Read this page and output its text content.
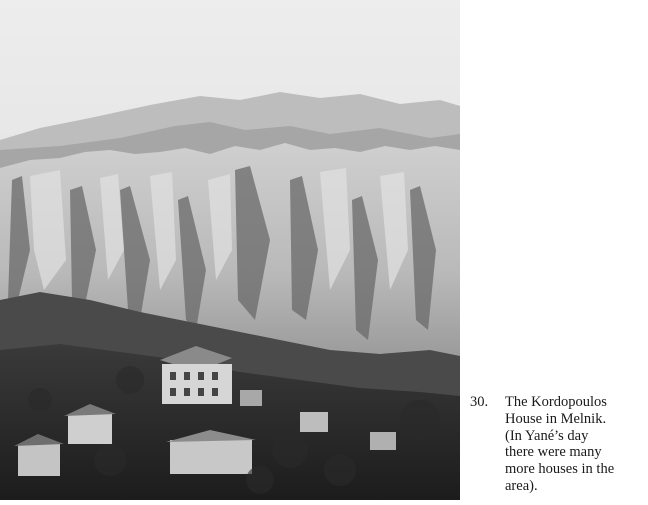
30. The Kordopoulos
House in Melnik.
(In Yané’s day
there were many
more houses in the
area).
